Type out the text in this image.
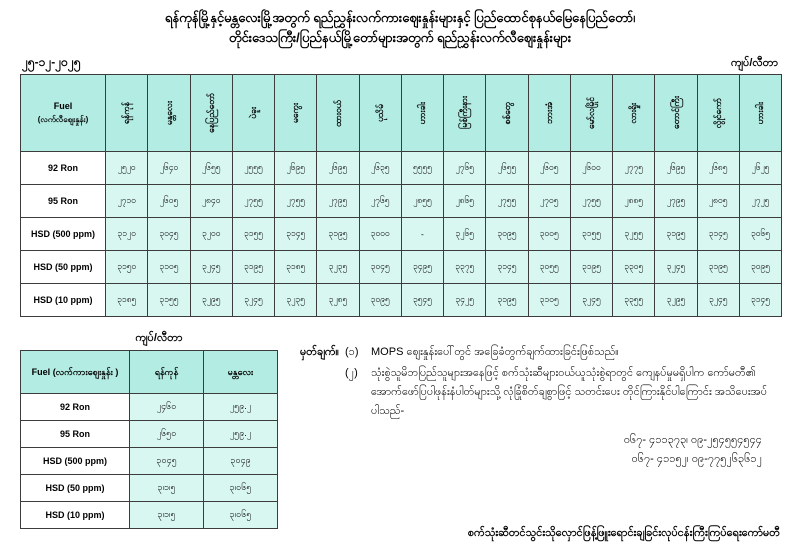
ရန်ကုန်မြို့နှင့်မန္တလေးမြို့အတွက် ရည်ညွှန်းလက်ကားဈေးနှုန်းများနှင့် ပြည်ထောင်စုနယ်မြေနေပြည်တော်၊
တိုင်းဒေသကြီး/ပြည်နယ်မြို့တော်များအတွက် ရည်ညွှန်းလက်လီဈေးနှုန်းများ
၂၅-၁၂-၂၀၂၅	ကျပ်/လီတာ
Fuel
(လက်လီဈေးနှုန်း)	ရန်ကုန်	မန္တလေး	နေပြည်တော်	ပဲခူး	မကွေး	ထားဝယ်	ပုသိမ်	ဟားခါး	မြစ်ကြီးနား	စစ်တွေ	ဘားအံ	မော်လမြိုင်	လားရှိုး	တောင်ကြီး	လွိုင်ကော်	ဟားခါး

92 Ron	၂၅၂၀	၂၆၄၀	၂၆၅၅	၂၅၅၅	၂၆၉၅	၂၆၉၅	၂၆၃၅	၅၅၅၅	၂၇၆၅	၂၆၅၅	၂၆၀၅	၂၆၀၀	၂၇၇၅	၂၆၉၅	၂၆၈၅	၂၆၂၅
95 Ron	၂၇၁၀	၂၆၀၅	၂၈၄၀	၂၇၅၅	၂၇၅၅	၂၇၉၅	၂၇၆၅	၂၈၅၅	၂၈၆၅	၂၇၅၅	၂၇၀၅	၂၇၅၅	၂၈၈၅	၂၇၉၅	၂၈၀၅	၂၇၂၅
HSD (500 ppm)	၃၁၂၀	၃၀၄၅	၃၂၀၀	၃၁၅၅	၃၁၄၅	၃၁၉၅	၃၀၀၀	-	၃၂၆၅	၃၀၉၅	၃၀၀၅	၃၁၅၅	၃၂၅၅	၃၁၉၅	၃၁၄၅	၃၀၆၅
HSD (50 ppm)	၃၁၅၀	၃၁၀၅	၃၂၄၅	၃၁၉၅	၃၁၈၅	၃၂၃၅	၃၀၄၅	၃၄၉၅	၃၃၇၅	၃၁၄၅	၃၀၅၅	၃၁၉၅	၃၃၀၅	၃၂၄၅	၃၁၉၅	၃၀၉၅
HSD (10 ppm)	၃၁၈၅	၃၁၅၅	၃၂၉၅	၃၂၄၅	၃၂၃၅	၃၂၈၅	၃၀၉၅	၃၅၄၅	၃၄၂၅	၃၁၉၅	၃၁၀၅	၃၂၄၅	၃၃၅၅	၃၂၉၅	၃၂၄၅	၃၁၄၅
ကျပ်/လီတာ
Fuel (လက်ကားဈေးနှုန်း )	ရန်ကုန်	မန္တလေး
92 Ron	၂၄၆၀	၂၅၉.၂
95 Ron	၂၆၅၀	၂၅၉.၂
HSD (500 ppm)	၃၀၄၅	၃၀၄၉
HSD (50 ppm)	၃၊၁၊၅	၃၊၀၆၅
HSD (10 ppm)	၃၊၁၊၅	၃၊၀၆၅
မှတ်ချက်။ (၁)	MOPS ဈေးနှုန်းပေါ်တွင် အခြေခံတွက်ချက်ထားခြင်းဖြစ်သည်။
(၂)	သုံးစွဲသူမိဘပြည်သူများအနေဖြင့် စက်သုံးဆီများဝယ်ယူသုံးစွဲရာတွင် ကျေနပ်မှုမရှိပါက ကော်မတီ၏ အောက်ဖော်ပြပါဖုန်းနံပါတ်များသို့ လုံခြုံစိတ်ချစွာဖြင့် သတင်းပေး တိုင်ကြားနိုင်ပါကြောင်း အသိပေးအပ်ပါသည်-
၀၆၇- ၄၁၁၃၇၃၊ ၀၉-၂၅၄၅၅၄၅၄၄
၀၆၇- ၄၁၁၅၂၊ ၀၉-၇၇၅၂၆၃၆၁၂
စက်သုံးဆီတင်သွင်းသိုလှောင်ဖြန့်ဖြူးရောင်းချခြင်းလုပ်ငန်းကြီးကြပ်ရေးကော်မတီ
